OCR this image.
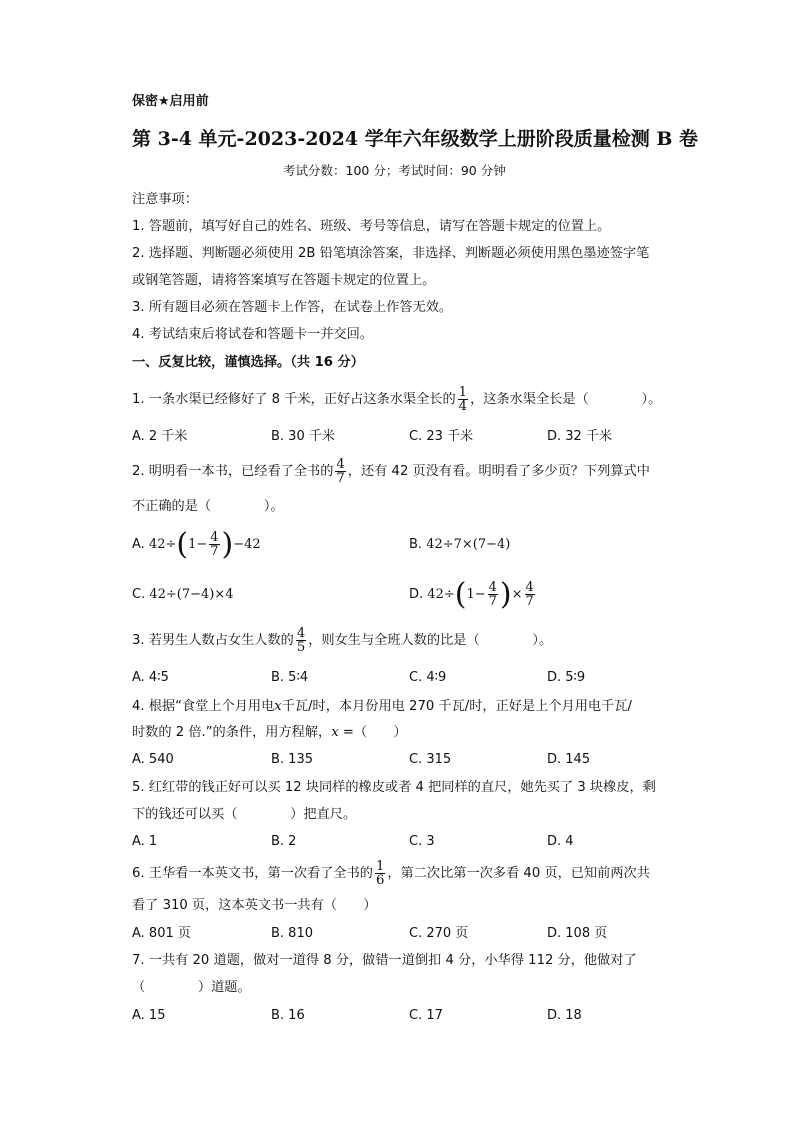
保密★启用前
第 3-4 单元-2023-2024 学年六年级数学上册阶段质量检测 B 卷
考试分数：100 分；考试时间：90 分钟
注意事项：
1. 答题前，填写好自己的姓名、班级、考号等信息，请写在答题卡规定的位置上。
2. 选择题、判断题必须使用 2B 铅笔填涂答案，非选择、判断题必须使用黑色墨迹签字笔
或钢笔答题，请将答案填写在答题卡规定的位置上。
3. 所有题目必须在答题卡上作答，在试卷上作答无效。
4. 考试结束后将试卷和答题卡一并交回。
一、反复比较，谨慎选择。（共 16 分）
1. 一条水渠已经修好了 8 千米，正好占这条水渠全长的 $\frac{1}{4}$ ，这条水渠全长是（　　　　）。
A. 2 千米	B. 30 千米	C. 23 千米	D. 32 千米
2. 明明看一本书，已经看了全书的 $\frac{4}{7}$ ，还有 42 页没有看。明明看了多少页？下列算式中
不正确的是（　　　　）。
A. $42\div(1- \frac{4}{7} )-42$	B. 42÷7×(7−4)
C. 42÷(7−4)×4	D. $42\div(1- \frac{4}{7}$ )× $\frac{4}{7}$
3. 若男生人数占女生人数的 $\frac{4}{5}$ ，则女生与全班人数的比是（　　　　）。
A. 4∶5	B. 5∶4	C. 4∶9	D. 5∶9
4. 根据“食堂上个月用电x千瓦/时，本月份用电 270 千瓦/时，正好是上个月用电千瓦/
时数的 2 倍.”的条件，用方程解，x =（　　）
A. 540	B. 135	C. 315	D. 145
5. 红红带的钱正好可以买 12 块同样的橡皮或者 4 把同样的直尺，她先买了 3 块橡皮，剩
下的钱还可以买（　　　　）把直尺。
A. 1	B. 2	C. 3	D. 4
6. 王华看一本英文书，第一次看了全书的 $\frac{1}{6}$ ，第二次比第一次多看 40 页，已知前两次共
看了 310 页，这本英文书一共有（　　）
A. 801 页	B. 810	C. 270 页	D. 108 页
7. 一共有 20 道题，做对一道得 8 分，做错一道倒扣 4 分，小华得 112 分，他做对了
（　　　　）道题。
A. 15	B. 16	C. 17	D. 18
